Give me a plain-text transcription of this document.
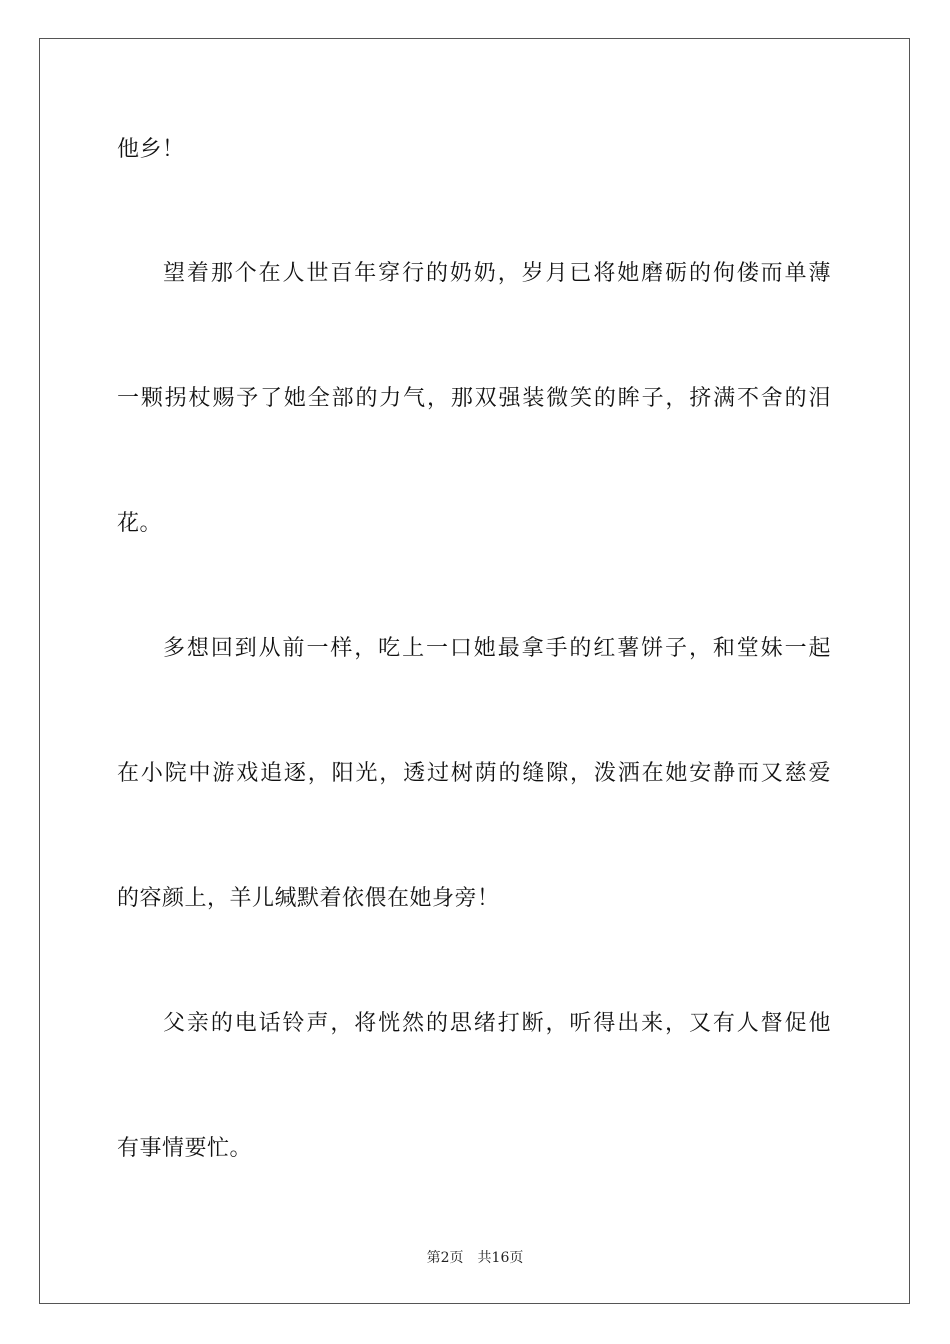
他乡！
望着那个在人世百年穿行的奶奶，岁月已将她磨砺的佝偻而单薄
一颗拐杖赐予了她全部的力气，那双强装微笑的眸子，挤满不舍的泪
花。
多想回到从前一样，吃上一口她最拿手的红薯饼子，和堂妹一起
在小院中游戏追逐，阳光，透过树荫的缝隙，泼洒在她安静而又慈爱
的容颜上，羊儿缄默着依偎在她身旁！
父亲的电话铃声，将恍然的思绪打断，听得出来，又有人督促他
有事情要忙。
第2页 共16页
